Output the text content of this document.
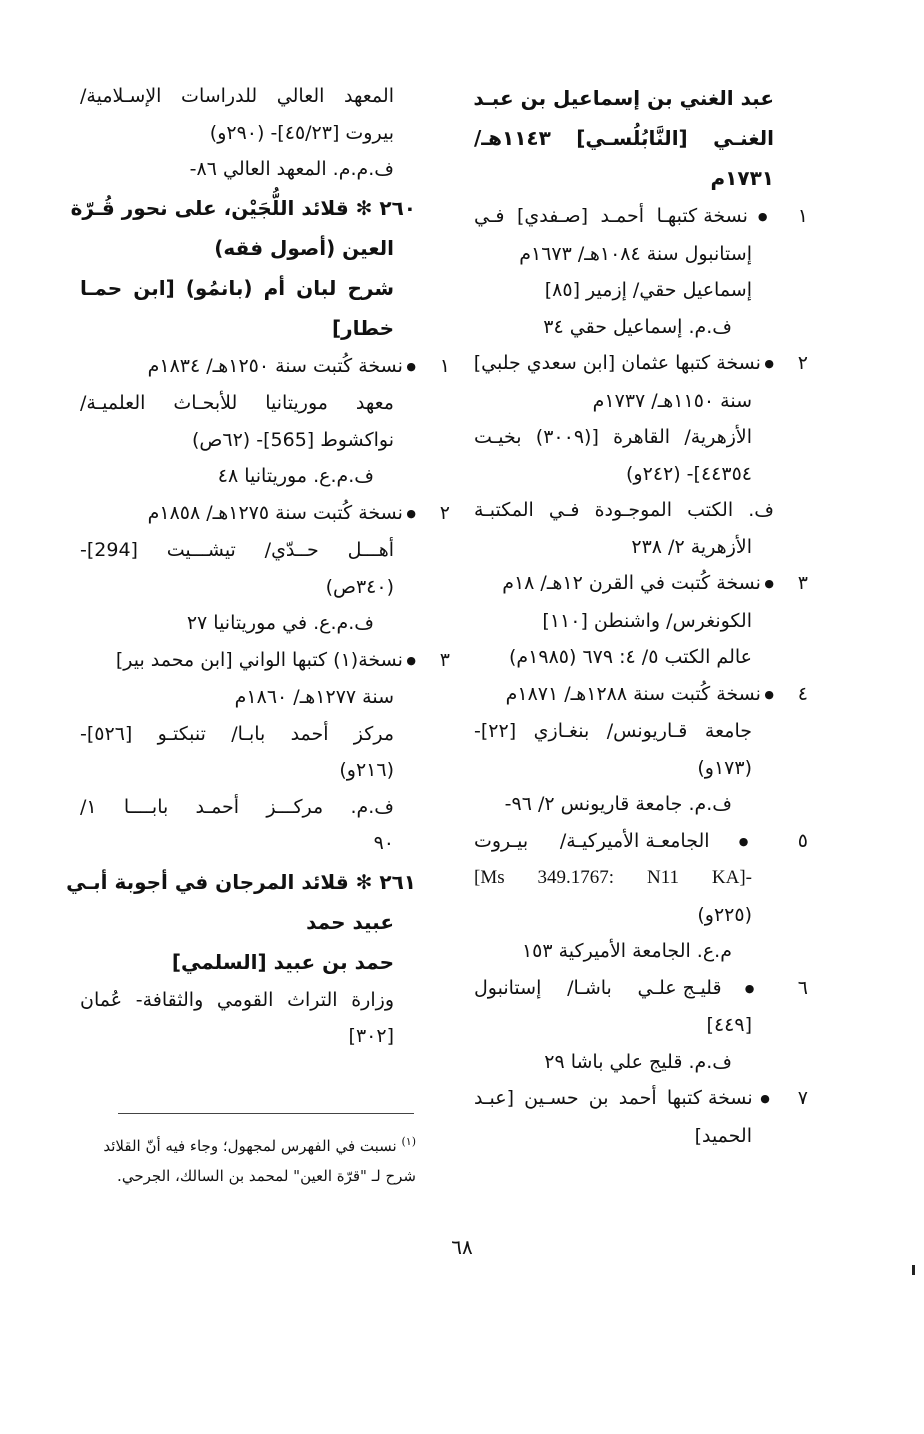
عبد الغني بن إسماعيل بن عبـد
الغنـي [النَّابُلُسـي] ١١٤٣هـ/
١٧٣١م
١
● نسخة كتبهـا أحمـد [صـفدي] فـي
إستانبول سنة ١٠٨٤هـ/ ١٦٧٣م
إسماعيل حقي/ إزمير [٨٥]
ف.م. إسماعيل حقي ٣٤
٢
● نسخة كتبها عثمان [ابن سعدي جلبي]
سنة ١١٥٠هـ/ ١٧٣٧م
الأزهرية/ القاهرة [(٣٠٠٩) بخيـت
٤٤٣٥٤]- (٢٤٢و)
ف. الكتب الموجـودة فـي المكتبـة
الأزهرية ٢/ ٢٣٨
٣
● نسخة كُتبت في القرن ١٢هـ/ ١٨م
الكونغرس/ واشنطن [١١٠]
عالم الكتب ٥/ ٤: ٦٧٩ (١٩٨٥م)
٤
● نسخة كُتبت سنة ١٢٨٨هـ/ ١٨٧١م
جامعة قـاريونس/ بنغـازي [٢٢]-
(١٧٣و)
ف.م. جامعة قاريونس ٢/ ٩٦-
٥
● الجامعـة الأميركيـة/ بيـروت
[Ms 349.1767: N11 KA]-
(٢٢٥و)
م.ع. الجامعة الأميركية ١٥٣
٦
● قليـج علـي باشـا/ إستانبول
[٤٤٩]
ف.م. قليج علي باشا ٢٩
٧
● نسخة كتبها أحمد بن حسـين [عبـد
الحميد]
المعهد العالي للدراسات الإسـلامية/
بيروت [٤٥/٢٣]- (٢٩٠و)
ف.م.م. المعهد العالي ٨٦-
٢٦٠ ✻ قلائد اللُّجَيْن، على نحور قُـرّة
العين (أصول فقه)
شرح لبان أم (بانمُو) [ابن حمـا
خطار]
١
● نسخة كُتبت سنة ١٢٥٠هـ/ ١٨٣٤م
معهد موريتانيا للأبحـاث العلميـة/
نواكشوط [565]- (٦٢ص)
ف.م.ع. موريتانيا ٤٨
٢
● نسخة كُتبت سنة ١٢٧٥هـ/ ١٨٥٨م
أهـــل حــدّي/ تيشـــيت [294]-
(٣٤٠ص)
ف.م.ع. في موريتانيا ٢٧
٣
● نسخة(١) كتبها الواني [ابن محمد بير]
سنة ١٢٧٧هـ/ ١٨٦٠م
مركز أحمد بابـا/ تنبكتـو [٥٢٦]-
(٢١٦و)
ف.م. مركـــز أحمـد بابــــا ١/
٩٠
٢٦١ ✻ قلائد المرجان في أجوبة أبـي
عبيد حمد
حمد بن عبيد [السلمي]
وزارة التراث القومي والثقافة- عُمان
[٣٠٢]
$^{(١)}$ نسبت في الفهرس لمجهول؛ وجاء فيه أنّ القلائد
شرح لـ "قرّة العين" لمحمد بن السالك، الجرحي.
٦٨
